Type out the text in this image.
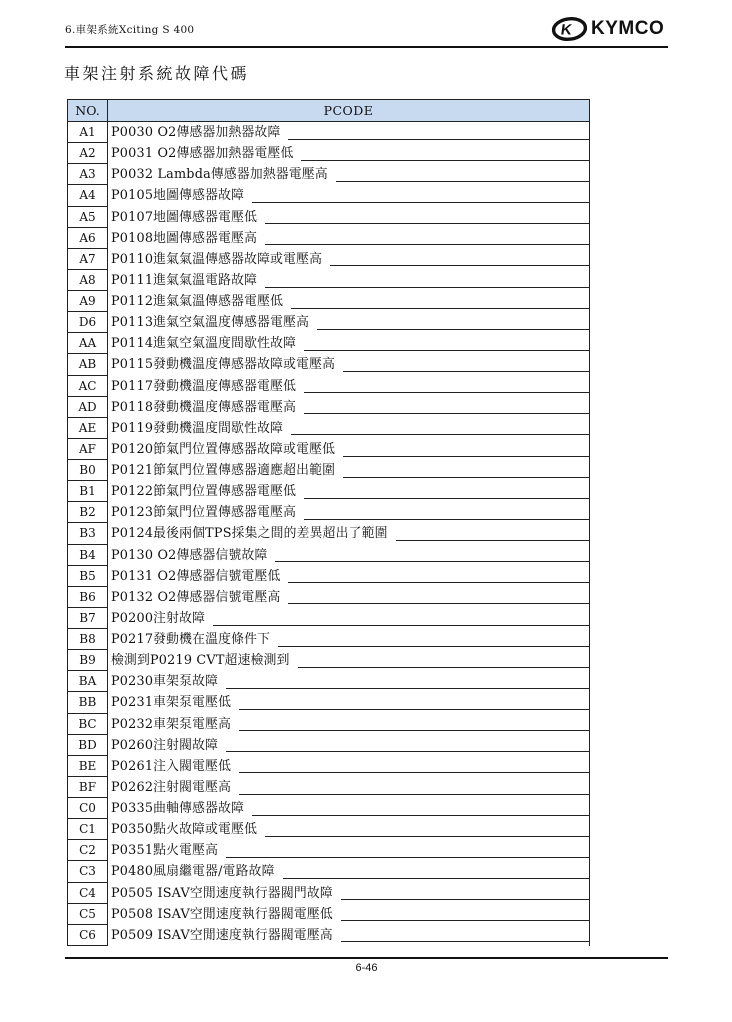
6.車架系統Xciting S 400	K KYMCO
車架注射系統故障代碼
NO.	PCODE
A1	P0030 O2傳感器加熱器故障
A2	P0031 O2傳感器加熱器電壓低
A3	P0032 Lambda傳感器加熱器電壓高
A4	P0105地圖傳感器故障
A5	P0107地圖傳感器電壓低
A6	P0108地圖傳感器電壓高
A7	P0110進氣氣溫傳感器故障或電壓高
A8	P0111進氣氣溫電路故障
A9	P0112進氣氣溫傳感器電壓低
D6	P0113進氣空氣溫度傳感器電壓高
AA	P0114進氣空氣溫度間歇性故障
AB	P0115發動機溫度傳感器故障或電壓高
AC	P0117發動機溫度傳感器電壓低
AD	P0118發動機溫度傳感器電壓高
AE	P0119發動機溫度間歇性故障
AF	P0120節氣門位置傳感器故障或電壓低
B0	P0121節氣門位置傳感器適應超出範圍
B1	P0122節氣門位置傳感器電壓低
B2	P0123節氣門位置傳感器電壓高
B3	P0124最後兩個TPS採集之間的差異超出了範圍
B4	P0130 O2傳感器信號故障
B5	P0131 O2傳感器信號電壓低
B6	P0132 O2傳感器信號電壓高
B7	P0200注射故障
B8	P0217發動機在溫度條件下
B9	檢測到P0219 CVT超速檢測到
BA	P0230車架泵故障
BB	P0231車架泵電壓低
BC	P0232車架泵電壓高
BD	P0260注射閥故障
BE	P0261注入閥電壓低
BF	P0262注射閥電壓高
C0	P0335曲軸傳感器故障
C1	P0350點火故障或電壓低
C2	P0351點火電壓高
C3	P0480風扇繼電器/電路故障
C4	P0505 ISAV空閒速度執行器閥門故障
C5	P0508 ISAV空閒速度執行器閥電壓低
C6	P0509 ISAV空閒速度執行器閥電壓高
6-46
